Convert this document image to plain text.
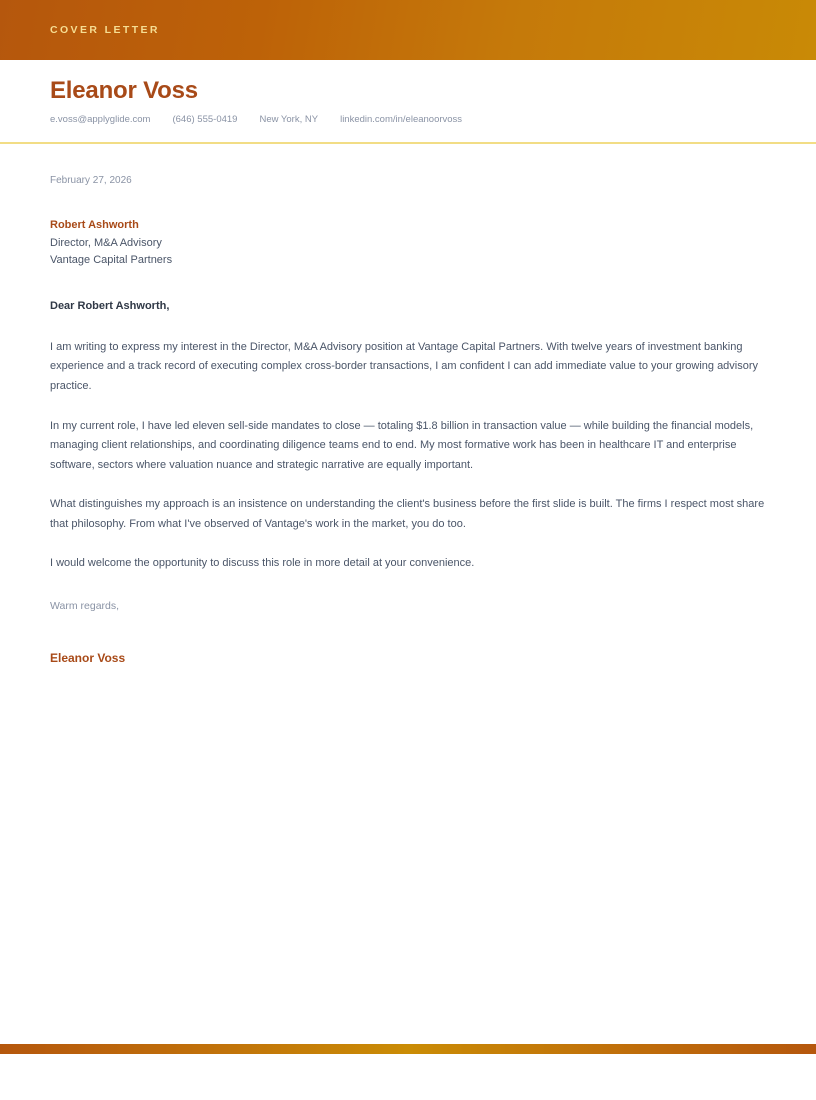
COVER LETTER
Eleanor Voss
e.voss@applyglide.com (646) 555-0419 New York, NY linkedin.com/in/eleanoorvoss
February 27, 2026
Robert Ashworth
Director, M&A Advisory
Vantage Capital Partners
Dear Robert Ashworth,

I am writing to express my interest in the Director, M&A Advisory position at Vantage Capital Partners. With twelve years of investment banking experience and a track record of executing complex cross-border transactions, I am confident I can add immediate value to your growing advisory practice.

In my current role, I have led eleven sell-side mandates to close — totaling $1.8 billion in transaction value — while building the financial models, managing client relationships, and coordinating diligence teams end to end. My most formative work has been in healthcare IT and enterprise software, sectors where valuation nuance and strategic narrative are equally important.

What distinguishes my approach is an insistence on understanding the client's business before the first slide is built. The firms I respect most share that philosophy. From what I've observed of Vantage's work in the market, you do too.

I would welcome the opportunity to discuss this role in more detail at your convenience.

Warm regards,
Eleanor Voss
